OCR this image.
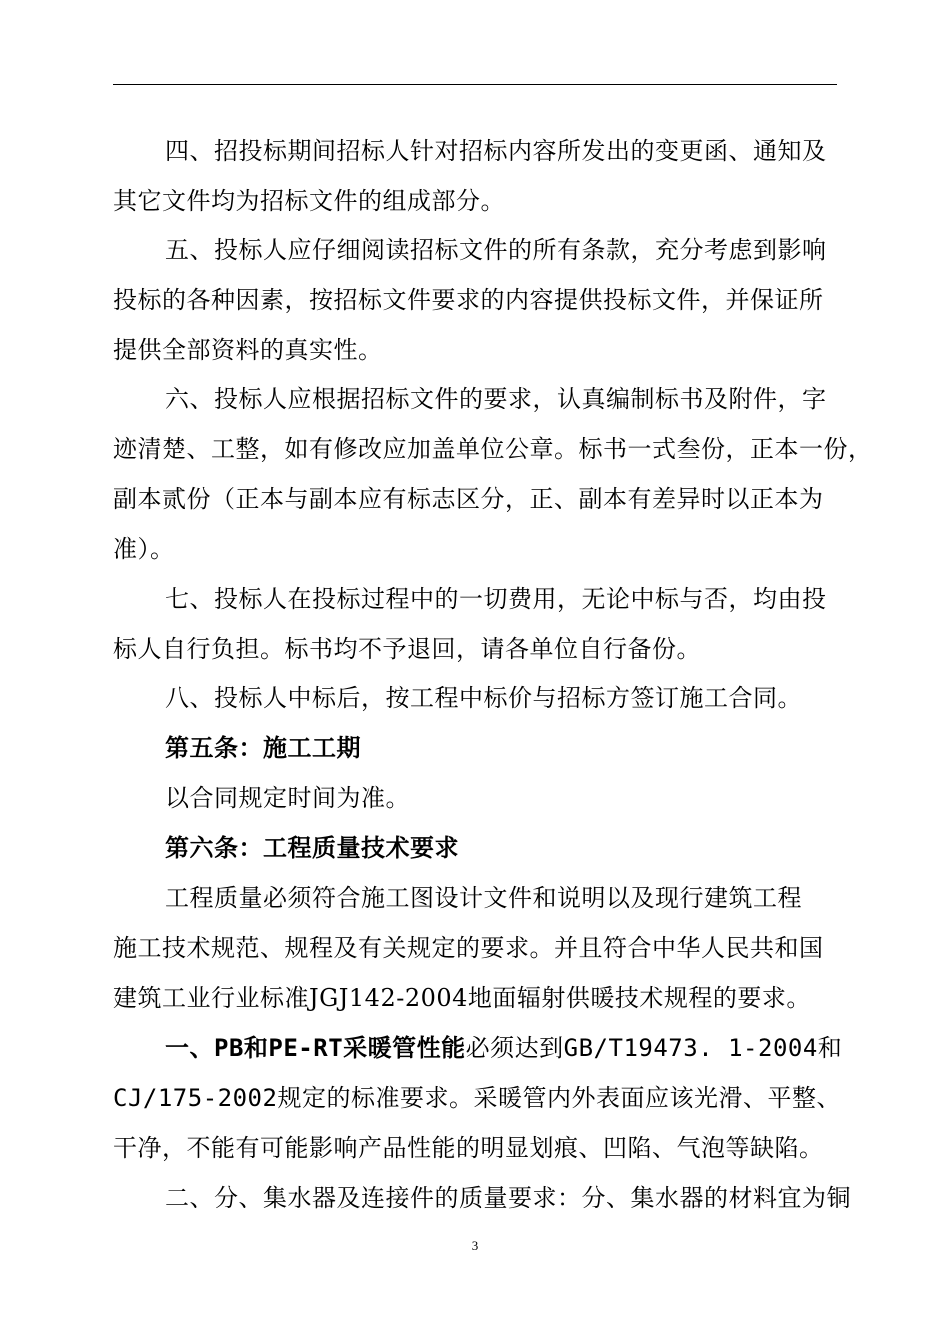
四、招投标期间招标人针对招标内容所发出的变更函、通知及
其它文件均为招标文件的组成部分。
五、投标人应仔细阅读招标文件的所有条款，充分考虑到影响
投标的各种因素，按招标文件要求的内容提供投标文件，并保证所
提供全部资料的真实性。
六、投标人应根据招标文件的要求，认真编制标书及附件，字
迹清楚、工整，如有修改应加盖单位公章。标书一式叁份，正本一份，
副本贰份（正本与副本应有标志区分，正、副本有差异时以正本为
准）。
七、投标人在投标过程中的一切费用，无论中标与否，均由投
标人自行负担。标书均不予退回，请各单位自行备份。
八、投标人中标后，按工程中标价与招标方签订施工合同。
第五条：施工工期
以合同规定时间为准。
第六条：工程质量技术要求
工程质量必须符合施工图设计文件和说明以及现行建筑工程
施工技术规范、规程及有关规定的要求。并且符合中华人民共和国
建筑工业行业标准JGJ142-2004地面辐射供暖技术规程的要求。
一、PB和PE-RT采暖管性能必须达到GB/T19473. 1-2004和
CJ/175-2002规定的标准要求。采暖管内外表面应该光滑、平整、
干净，不能有可能影响产品性能的明显划痕、凹陷、气泡等缺陷。
二、分、集水器及连接件的质量要求：分、集水器的材料宜为铜
3
